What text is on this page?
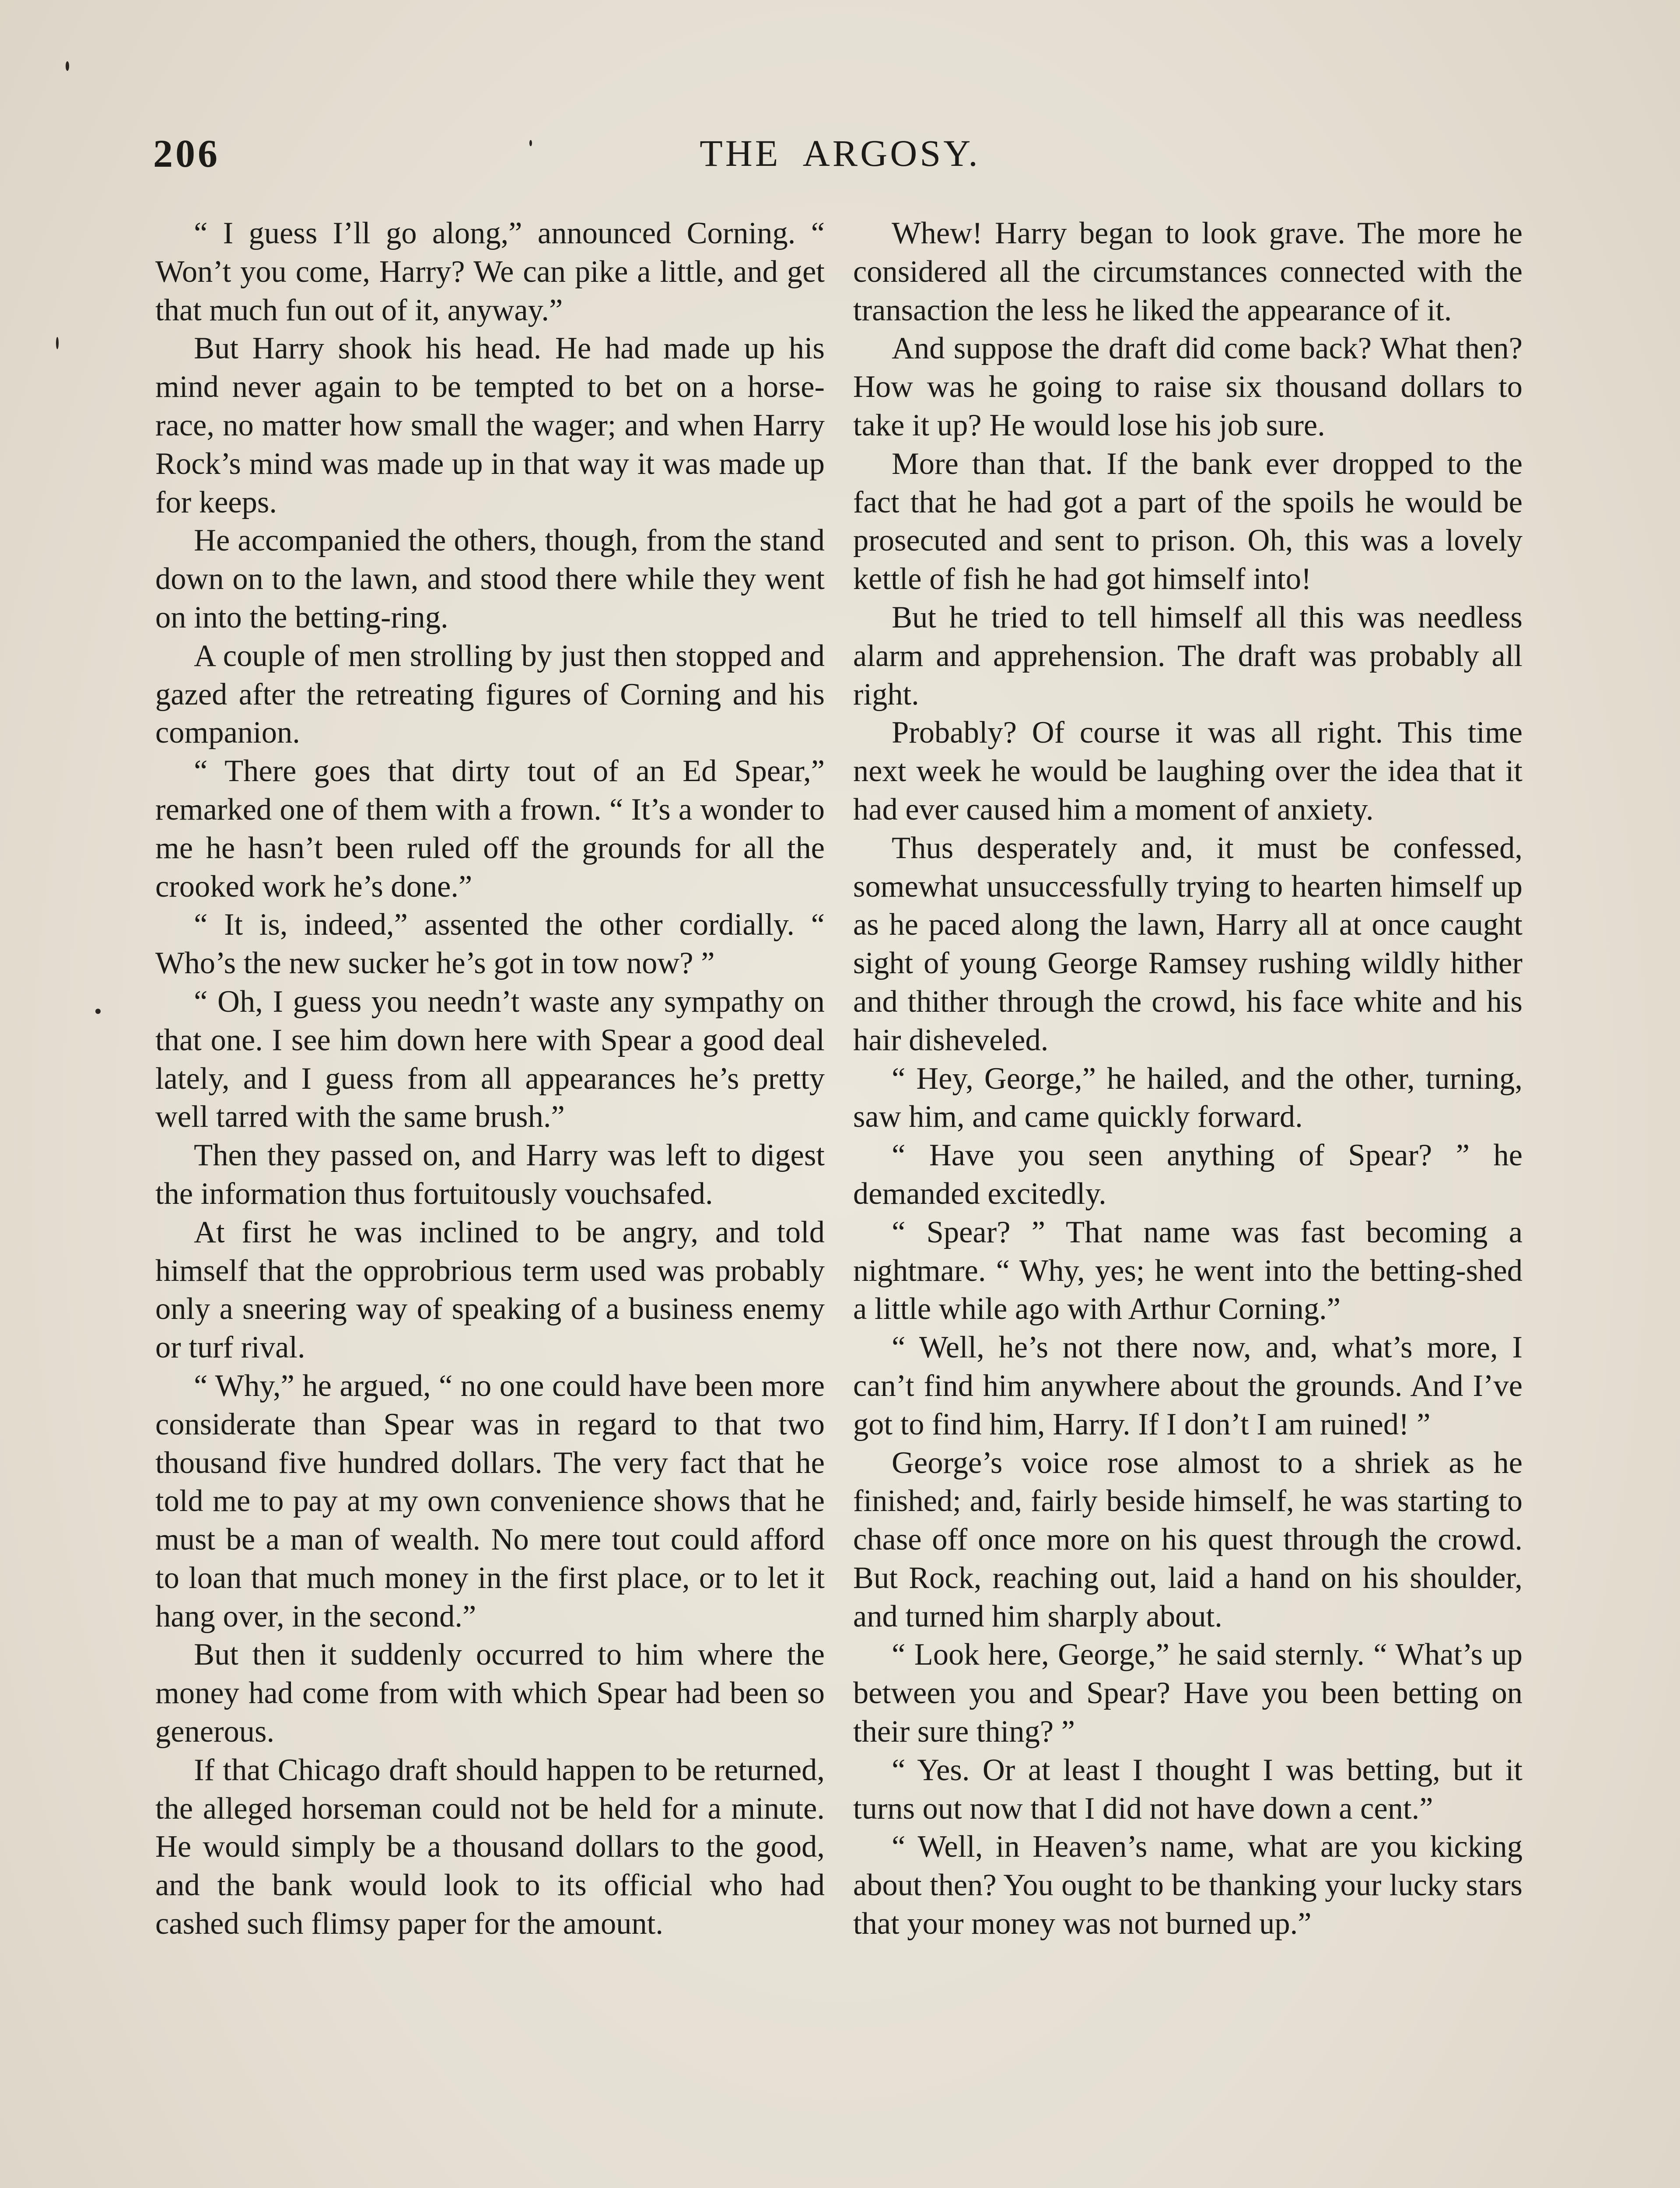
206	THE  ARGOSY.

“ I guess I’ll go along,” announced Corning. “ Won’t you come, Harry? We can pike a little, and get that much fun out of it, anyway.”

But Harry shook his head. He had made up his mind never again to be tempted to bet on a horse-race, no matter how small the wager; and when Harry Rock’s mind was made up in that way it was made up for keeps.

He accompanied the others, though, from the stand down on to the lawn, and stood there while they went on into the betting-ring.

A couple of men strolling by just then stopped and gazed after the retreating figures of Corning and his companion.

“ There goes that dirty tout of an Ed Spear,” remarked one of them with a frown. “ It’s a wonder to me he hasn’t been ruled off the grounds for all the crooked work he’s done.”

“ It is, indeed,” assented the other cordially. “ Who’s the new sucker he’s got in tow now? ”

“ Oh, I guess you needn’t waste any sympathy on that one. I see him down here with Spear a good deal lately, and I guess from all appearances he’s pretty well tarred with the same brush.”

Then they passed on, and Harry was left to digest the information thus fortuitously vouchsafed.

At first he was inclined to be angry, and told himself that the opprobrious term used was probably only a sneering way of speaking of a business enemy or turf rival.

“ Why,” he argued, “ no one could have been more considerate than Spear was in regard to that two thousand five hundred dollars. The very fact that he told me to pay at my own convenience shows that he must be a man of wealth. No mere tout could afford to loan that much money in the first place, or to let it hang over, in the second.”

But then it suddenly occurred to him where the money had come from with which Spear had been so generous.

If that Chicago draft should happen to be returned, the alleged horseman could not be held for a minute. He would simply be a thousand dollars to the good, and the bank would look to its official who had cashed such flimsy paper for the amount.

Whew! Harry began to look grave. The more he considered all the circumstances connected with the transaction the less he liked the appearance of it.

And suppose the draft did come back? What then? How was he going to raise six thousand dollars to take it up? He would lose his job sure.

More than that. If the bank ever dropped to the fact that he had got a part of the spoils he would be prosecuted and sent to prison. Oh, this was a lovely kettle of fish he had got himself into!

But he tried to tell himself all this was needless alarm and apprehension. The draft was probably all right.

Probably? Of course it was all right. This time next week he would be laughing over the idea that it had ever caused him a moment of anxiety.

Thus desperately and, it must be confessed, somewhat unsuccessfully trying to hearten himself up as he paced along the lawn, Harry all at once caught sight of young George Ramsey rushing wildly hither and thither through the crowd, his face white and his hair disheveled.

“ Hey, George,” he hailed, and the other, turning, saw him, and came quickly forward.

“ Have you seen anything of Spear? ” he demanded excitedly.

“ Spear? ” That name was fast becoming a nightmare. “ Why, yes; he went into the betting-shed a little while ago with Arthur Corning.”

“ Well, he’s not there now, and, what’s more, I can’t find him anywhere about the grounds. And I’ve got to find him, Harry. If I don’t I am ruined! ”

George’s voice rose almost to a shriek as he finished; and, fairly beside himself, he was starting to chase off once more on his quest through the crowd. But Rock, reaching out, laid a hand on his shoulder, and turned him sharply about.

“ Look here, George,” he said sternly. “ What’s up between you and Spear? Have you been betting on their sure thing? ”

“ Yes. Or at least I thought I was betting, but it turns out now that I did not have down a cent.”

“ Well, in Heaven’s name, what are you kicking about then? You ought to be thanking your lucky stars that your money was not burned up.”
